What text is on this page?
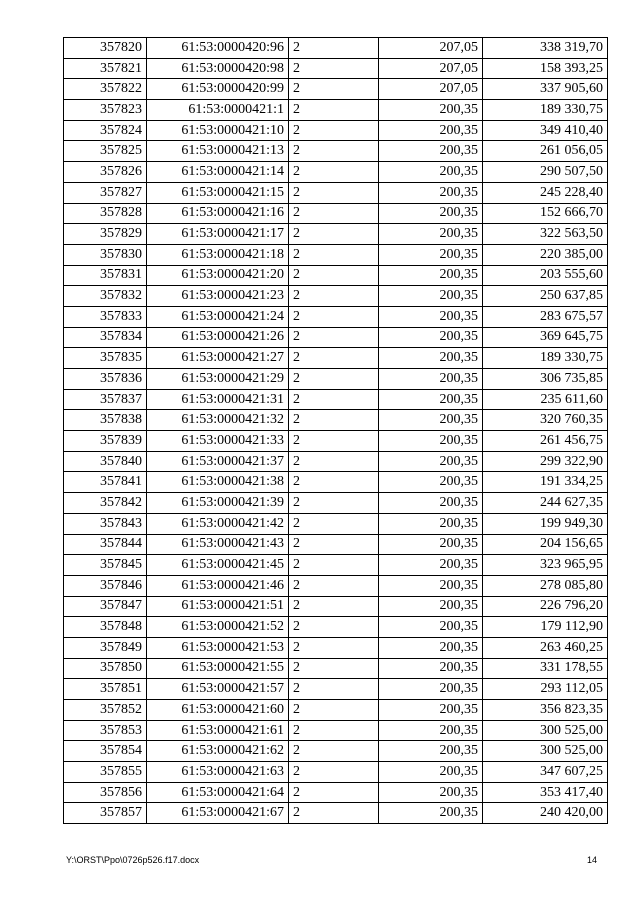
357820	61:53:0000420:96	2	207,05	338 319,70
357821	61:53:0000420:98	2	207,05	158 393,25
357822	61:53:0000420:99	2	207,05	337 905,60
357823	61:53:0000421:1	2	200,35	189 330,75
357824	61:53:0000421:10	2	200,35	349 410,40
357825	61:53:0000421:13	2	200,35	261 056,05
357826	61:53:0000421:14	2	200,35	290 507,50
357827	61:53:0000421:15	2	200,35	245 228,40
357828	61:53:0000421:16	2	200,35	152 666,70
357829	61:53:0000421:17	2	200,35	322 563,50
357830	61:53:0000421:18	2	200,35	220 385,00
357831	61:53:0000421:20	2	200,35	203 555,60
357832	61:53:0000421:23	2	200,35	250 637,85
357833	61:53:0000421:24	2	200,35	283 675,57
357834	61:53:0000421:26	2	200,35	369 645,75
357835	61:53:0000421:27	2	200,35	189 330,75
357836	61:53:0000421:29	2	200,35	306 735,85
357837	61:53:0000421:31	2	200,35	235 611,60
357838	61:53:0000421:32	2	200,35	320 760,35
357839	61:53:0000421:33	2	200,35	261 456,75
357840	61:53:0000421:37	2	200,35	299 322,90
357841	61:53:0000421:38	2	200,35	191 334,25
357842	61:53:0000421:39	2	200,35	244 627,35
357843	61:53:0000421:42	2	200,35	199 949,30
357844	61:53:0000421:43	2	200,35	204 156,65
357845	61:53:0000421:45	2	200,35	323 965,95
357846	61:53:0000421:46	2	200,35	278 085,80
357847	61:53:0000421:51	2	200,35	226 796,20
357848	61:53:0000421:52	2	200,35	179 112,90
357849	61:53:0000421:53	2	200,35	263 460,25
357850	61:53:0000421:55	2	200,35	331 178,55
357851	61:53:0000421:57	2	200,35	293 112,05
357852	61:53:0000421:60	2	200,35	356 823,35
357853	61:53:0000421:61	2	200,35	300 525,00
357854	61:53:0000421:62	2	200,35	300 525,00
357855	61:53:0000421:63	2	200,35	347 607,25
357856	61:53:0000421:64	2	200,35	353 417,40
357857	61:53:0000421:67	2	200,35	240 420,00
Y:\ORST\Ppo\0726p526.f17.docx	14
